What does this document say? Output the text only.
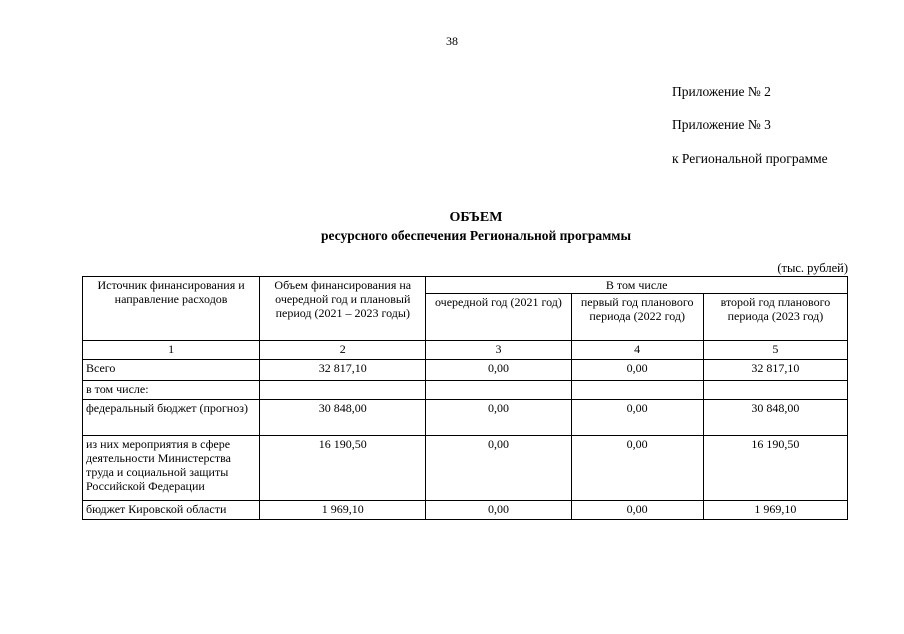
38
Приложение № 2
Приложение № 3
к Региональной программе
ОБЪЕМ
ресурсного обеспечения Региональной программы
(тыс. рублей)
Источник финансирования и направление расходов	Объем финансирования на очередной год и плановый период (2021 – 2023 годы)	В том числе		
		очередной год (2021 год)	первый год планового периода (2022 год)	второй год планового периода (2023 год)
1	2	3	4	5
Всего	32 817,10	0,00	0,00	32 817,10
в том числе:				
федеральный бюджет (прогноз)	30 848,00	0,00	0,00	30 848,00
из них мероприятия в сфере деятельности Министерства труда и социальной защиты Российской Федерации	16 190,50	0,00	0,00	16 190,50
бюджет Кировской области	1 969,10	0,00	0,00	1 969,10
